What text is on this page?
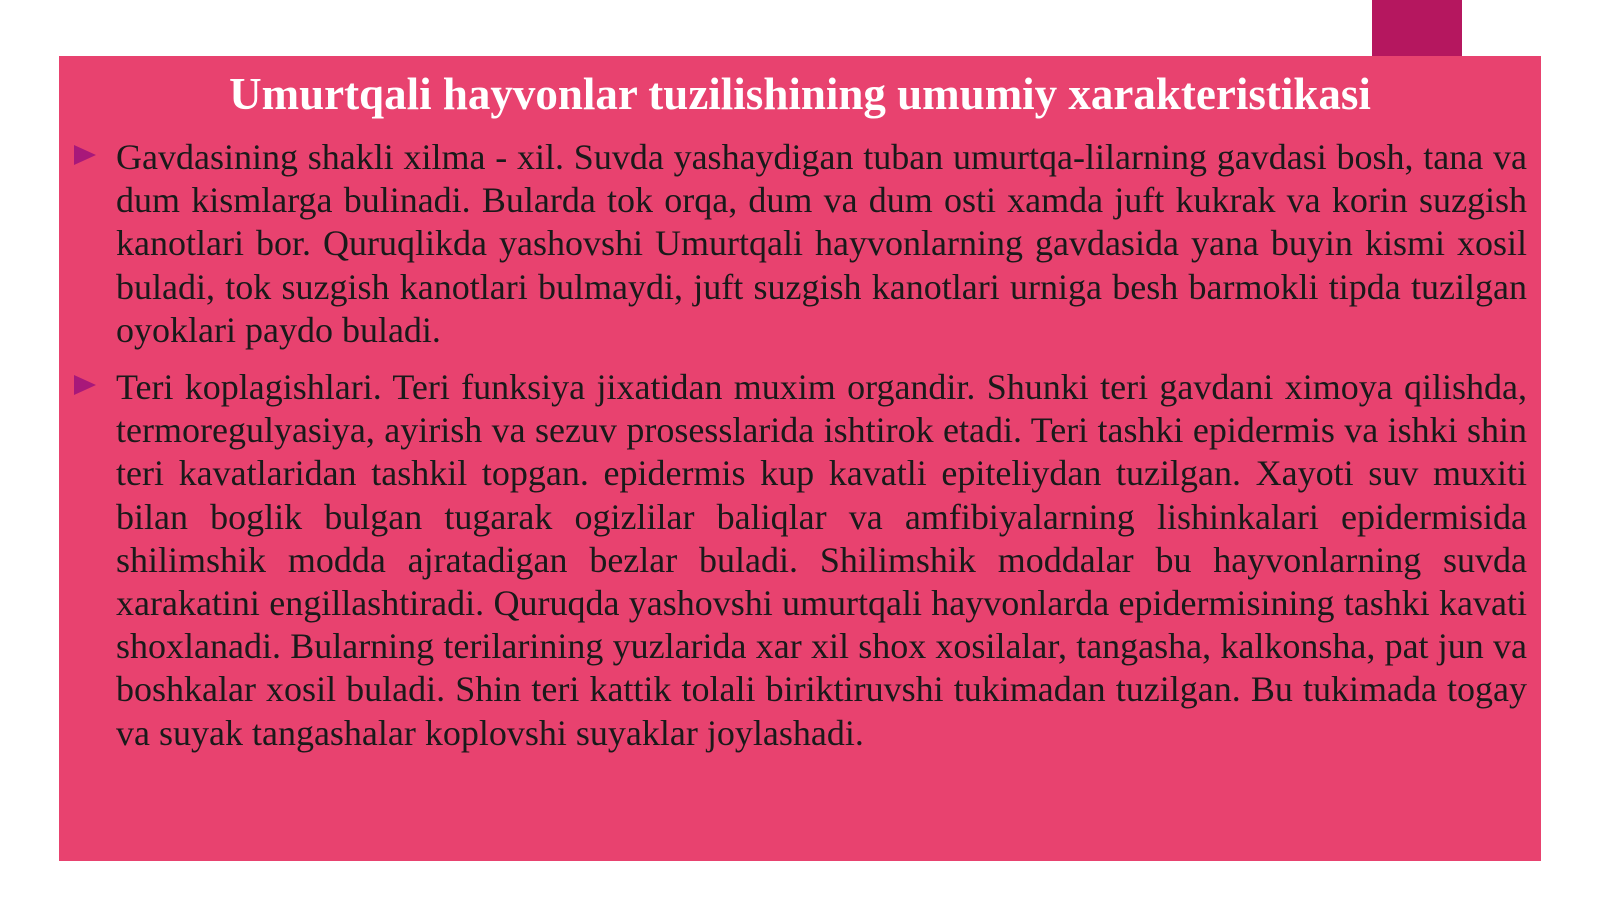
Umurtqali hayvonlar tuzilishining umumiy xarakteristikasi
Gavdasining shakli xilma - xil. Suvda yashaydigan tuban umurtqa-lilarning gavdasi bosh, tana va dum kismlarga bulinadi. Bularda tok orqa, dum va dum osti xamda juft kukrak va korin suzgish kanotlari bor. Quruqlikda yashovshi Umurtqali hayvonlarning gavdasida yana buyin kismi xosil buladi, tok suzgish kanotlari bulmaydi, juft suzgish kanotlari urniga besh barmokli tipda tuzilgan oyoklari paydo buladi.
Teri koplagishlari. Teri funksiya jixatidan muxim organdir. Shunki teri gavdani ximoya qilishda, termoregulyasiya, ayirish va sezuv prosesslarida ishtirok etadi. Teri tashki epidermis va ishki shin teri kavatlaridan tashkil topgan. epidermis kup kavatli epiteliydan tuzilgan. Xayoti suv muxiti bilan boglik bulgan tugarak ogizlilar baliqlar va amfibiyalarning lishinkalari epidermisida shilimshik modda ajratadigan bezlar buladi. Shilimshik moddalar bu hayvonlarning suvda xarakatini engillashtiradi. Quruqda yashovshi umurtqali hayvonlarda epidermisining tashki kavati shoxlanadi. Bularning terilarining yuzlarida xar xil shox xosilalar, tangasha, kalkonsha, pat jun va boshkalar xosil buladi. Shin teri kattik tolali biriktiruvshi tukimadan tuzilgan. Bu tukimada togay va suyak tangashalar koplovshi suyaklar joylashadi.
